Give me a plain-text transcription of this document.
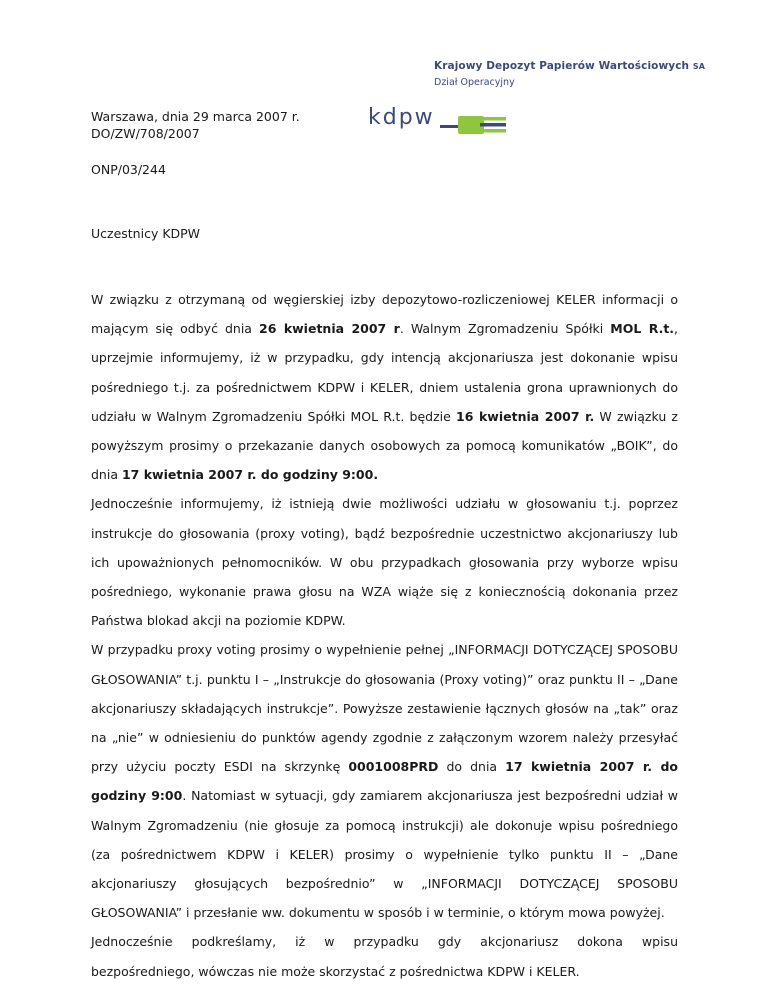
Krajowy Depozyt Papierów Wartościowych SA
Dział Operacyjny
kdpw
Warszawa, dnia 29 marca 2007 r.
DO/ZW/708/2007
ONP/03/244
Uczestnicy KDPW

W związku z otrzymaną od węgierskiej izby depozytowo-rozliczeniowej KELER informacji o mającym się odbyć dnia 26 kwietnia 2007 r. Walnym Zgromadzeniu Spółki MOL R.t., uprzejmie informujemy, iż w przypadku, gdy intencją akcjonariusza jest dokonanie wpisu pośredniego t.j. za pośrednictwem KDPW i KELER, dniem ustalenia grona uprawnionych do udziału w Walnym Zgromadzeniu Spółki MOL R.t. będzie 16 kwietnia 2007 r. W związku z powyższym prosimy o przekazanie danych osobowych za pomocą komunikatów „BOIK”, do dnia 17 kwietnia 2007 r. do godziny 9:00.

Jednocześnie informujemy, iż istnieją dwie możliwości udziału w głosowaniu t.j. poprzez instrukcje do głosowania (proxy voting), bądź bezpośrednie uczestnictwo akcjonariuszy lub ich upoważnionych pełnomocników. W obu przypadkach głosowania przy wyborze wpisu pośredniego, wykonanie prawa głosu na WZA wiąże się z koniecznością dokonania przez Państwa blokad akcji na poziomie KDPW.

W przypadku proxy voting prosimy o wypełnienie pełnej „INFORMACJI DOTYCZĄCEJ SPOSOBU GŁOSOWANIA” t.j. punktu I – „Instrukcje do głosowania (Proxy voting)” oraz punktu II – „Dane akcjonariuszy składających instrukcje”. Powyższe zestawienie łącznych głosów na „tak” oraz na „nie” w odniesieniu do punktów agendy zgodnie z załączonym wzorem należy przesyłać przy użyciu poczty ESDI na skrzynkę 0001008PRD do dnia 17 kwietnia 2007 r. do godziny 9:00. Natomiast w sytuacji, gdy zamiarem akcjonariusza jest bezpośredni udział w Walnym Zgromadzeniu (nie głosuje za pomocą instrukcji) ale dokonuje wpisu pośredniego (za pośrednictwem KDPW i KELER) prosimy o wypełnienie tylko punktu II – „Dane akcjonariuszy głosujących bezpośrednio” w „INFORMACJI DOTYCZĄCEJ SPOSOBU GŁOSOWANIA” i przesłanie ww. dokumentu w sposób i w terminie, o którym mowa powyżej.

Jednocześnie podkreślamy, iż w przypadku gdy akcjonariusz dokona wpisu

bezpośredniego, wówczas nie może skorzystać z pośrednictwa KDPW i KELER.
